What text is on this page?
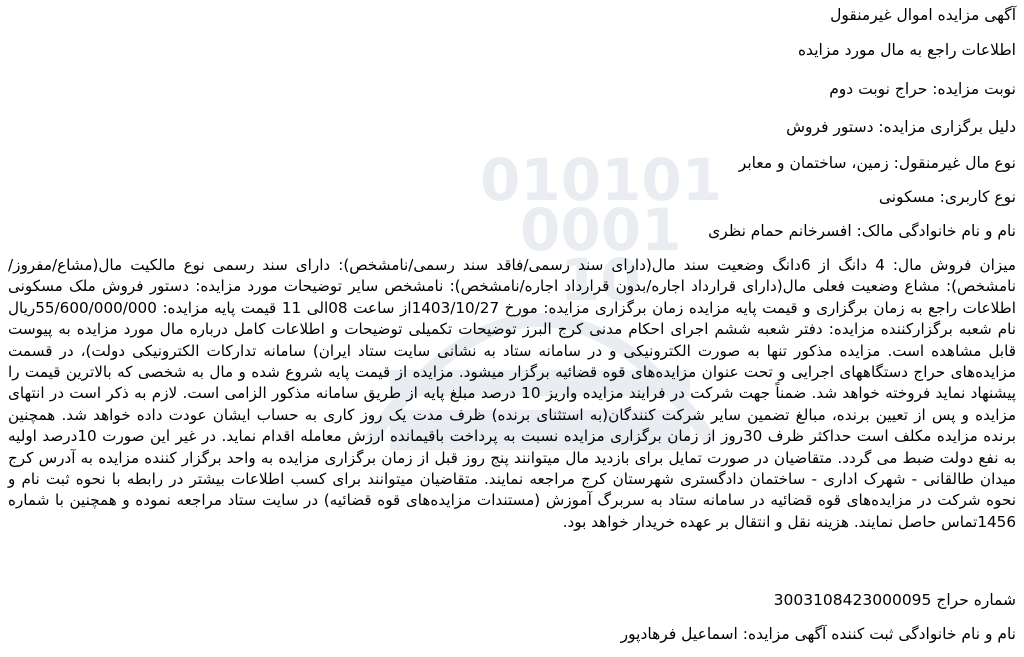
010101
0001
10
آگهی مزایده اموال غیرمنقول
اطلاعات راجع به مال مورد مزایده
نوبت مزایده: حراج نوبت دوم
دلیل برگزاری مزایده: دستور فروش
نوع مال غیرمنقول: زمین، ساختمان و معابر
نوع کاربری: مسکونی
نام و نام خانوادگی مالک: افسرخانم حمام نظری
میزان فروش مال: 4 دانگ از 6دانگ وضعیت سند مال(دارای سند رسمی/فاقد سند رسمی/نامشخص): دارای سند رسمی نوع مالکیت مال(مشاع/مفروز/نامشخص): مشاع وضعیت فعلی مال(دارای قرارداد اجاره/بدون قرارداد اجاره/نامشخص): نامشخص سایر توضیحات مورد مزایده: دستور فروش ملک مسکونی اطلاعات راجع به زمان برگزاری و قیمت پایه مزایده زمان برگزاری مزایده: مورخ 1403/10/27از ساعت 08الی 11 قیمت پایه مزایده: 55/600/000/000ریال نام شعبه برگزارکننده مزایده: دفتر شعبه ششم اجرای احکام مدنی کرج البرز توضیحات تکمیلی توضیحات و اطلاعات کامل درباره مال مورد مزایده به پیوست قابل مشاهده است. مزایده مذکور تنها به صورت الکترونیکی و در سامانه ستاد به نشانی سایت ستاد ایران) سامانه تدارکات الکترونیکی دولت)، در قسمت مزایده‌های حراج دستگاههای اجرایی و تحت عنوان مزایده‌های قوه قضائیه برگزار میشود. مزایده از قیمت پایه شروع شده و مال به شخصی که بالاترین قیمت را پیشنهاد نماید فروخته خواهد شد. ضمناً جهت شرکت در فرایند مزایده واریز 10 درصد مبلغ پایه از طریق سامانه مذکور الزامی است. لازم به ذکر است در انتهای مزایده و پس از تعیین برنده، مبالغ تضمین سایر شرکت کنندگان(به استثنای برنده) ظرف مدت یک روز کاری به حساب ایشان عودت داده خواهد شد. همچنین برنده مزایده مکلف است حداکثر ظرف 30روز از زمان برگزاری مزایده نسبت به پرداخت باقیمانده ارزش معامله اقدام نماید. در غیر این صورت 10درصد اولیه به نفع دولت ضبط می گردد. متقاضیان در صورت تمایل برای بازدید مال میتوانند پنج روز قبل از زمان برگزاری مزایده به واحد برگزار کننده مزایده به آدرس کرج میدان طالقانی - شهرک اداری - ساختمان دادگستری شهرستان کرج مراجعه نمایند. متقاضیان میتوانند برای کسب اطلاعات بیشتر در رابطه با نحوه ثبت نام و نحوه شرکت در مزایده‌های قوه قضائیه در سامانه ستاد به سربرگ آموزش (مستندات مزایده‌های قوه قضائیه) در سایت ستاد مراجعه نموده و همچنین با شماره 1456تماس حاصل نمایند. هزینه نقل و انتقال بر عهده خریدار خواهد بود.
شماره حراج 3003108423000095
نام و نام خانوادگی ثبت کننده آگهی مزایده: اسماعیل فرهادپور
